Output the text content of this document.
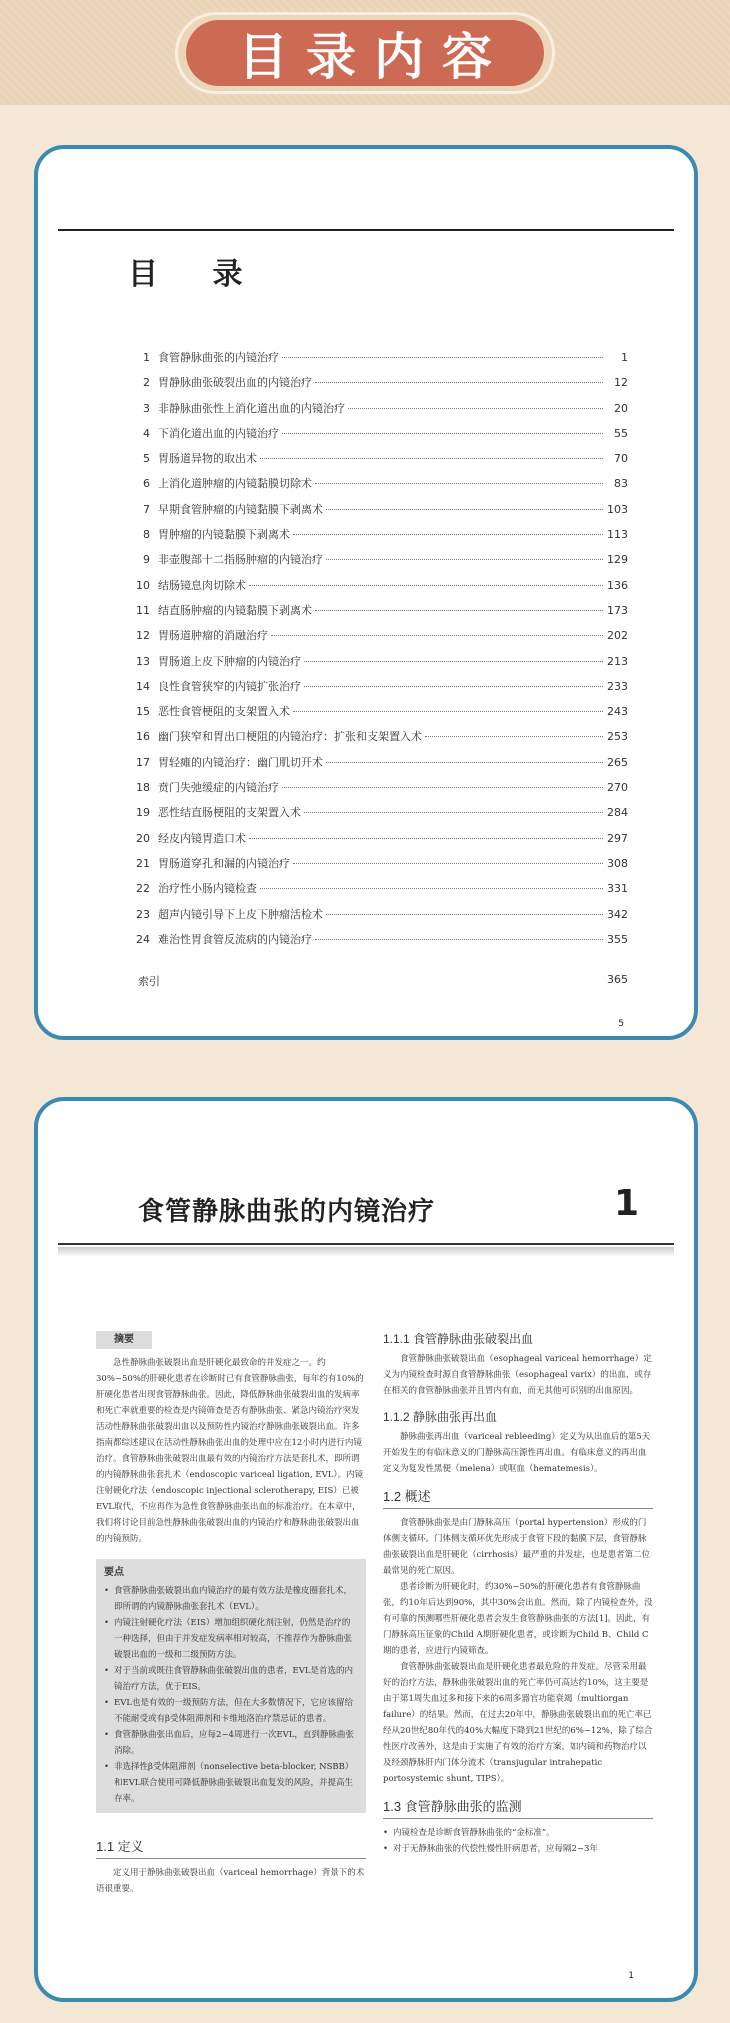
目录内容
目 录
1 食管静脉曲张的内镜治疗	1
2 胃静脉曲张破裂出血的内镜治疗	12
3 非静脉曲张性上消化道出血的内镜治疗	20
4 下消化道出血的内镜治疗	55
5 胃肠道异物的取出术	70
6 上消化道肿瘤的内镜黏膜切除术	83
7 早期食管肿瘤的内镜黏膜下剥离术	103
8 胃肿瘤的内镜黏膜下剥离术	113
9 非壶腹部十二指肠肿瘤的内镜治疗	129
10 结肠镜息肉切除术	136
11 结直肠肿瘤的内镜黏膜下剥离术	173
12 胃肠道肿瘤的消融治疗	202
13 胃肠道上皮下肿瘤的内镜治疗	213
14 良性食管狭窄的内镜扩张治疗	233
15 恶性食管梗阻的支架置入术	243
16 幽门狭窄和胃出口梗阻的内镜治疗：扩张和支架置入术	253
17 胃轻瘫的内镜治疗：幽门肌切开术	265
18 贲门失弛缓症的内镜治疗	270
19 恶性结直肠梗阻的支架置入术	284
20 经皮内镜胃造口术	297
21 胃肠道穿孔和漏的内镜治疗	308
22 治疗性小肠内镜检查	331
23 超声内镜引导下上皮下肿瘤活检术	342
24 难治性胃食管反流病的内镜治疗	355
索引	365
5
食管静脉曲张的内镜治疗	1
摘要

急性静脉曲张破裂出血是肝硬化最致命的并发症之一。约30%~50%的肝硬化患者在诊断时已有食管静脉曲张，每年约有10%的肝硬化患者出现食管静脉曲张。因此，降低静脉曲张破裂出血的发病率和死亡率就重要的检查是内镜筛查是否有静脉曲张、紧急内镜治疗突发活动性静脉曲张破裂出血以及预防性内镜治疗静脉曲张破裂出血。许多指南都综述建议在活动性静脉曲张出血的处理中应在12小时内进行内镜治疗。食管静脉曲张破裂出血最有效的内镜治疗方法是套扎术，即所谓的内镜静脉曲张套扎术（endoscopic variceal ligation, EVL）。内镜注射硬化疗法（endoscopic injectional sclerotherapy, EIS）已被EVL取代，不应再作为急性食管静脉曲张出血的标准治疗。在本章中，我们将讨论目前急性静脉曲张破裂出血的内镜治疗和静脉曲张破裂出血的内镜预防。

要点
• 食管静脉曲张破裂出血内镜治疗的最有效方法是橡皮圈套扎术，即所谓的内镜静脉曲张套扎术（EVL）。
• 内镜注射硬化疗法（EIS）增加组织硬化剂注射，仍然是治疗的一种选择，但由于并发症发病率相对较高，不推荐作为静脉曲张破裂出血的一级和二级预防方法。
• 对于当前或既往食管静脉曲张破裂出血的患者，EVL是首选的内镜治疗方法，优于EIS。
• EVL也是有效的一级预防方法，但在大多数情况下，它应该留给不能耐受或有β受体阻滞剂和卡维地洛治疗禁忌证的患者。
• 食管静脉曲张出血后，应每2~4周进行一次EVL，直到静脉曲张消除。
• 非选择性β受体阻滞剂（nonselective beta-blocker, NSBB）和EVL联合使用可降低静脉曲张破裂出血复发的风险，并提高生存率。
1.1 定义

定义用于静脉曲张破裂出血（variceal hemorrhage）背景下的术语很重要。

1.1.1 食管静脉曲张破裂出血

食管静脉曲张破裂出血（esophageal variceal hemorrhage）定义为内镜检查时源自食管静脉曲张（esophageal varix）的出血，或存在相关的食管静脉曲张并且胃内有血，而无其他可识别的出血原因。

1.1.2 静脉曲张再出血

静脉曲张再出血（variceal rebleeding）定义为从出血后的第5天开始发生的有临床意义的门静脉高压源性再出血。有临床意义的再出血定义为复发性黑便（melena）或呕血（hematemesis）。

1.2 概述

食管静脉曲张是由门静脉高压（portal hypertension）形成的门体侧支循环。门体侧支循环优先形成于食管下段的黏膜下层，食管静脉曲张破裂出血是肝硬化（cirrhosis）最严重的并发症，也是患者第二位最常见的死亡原因。

患者诊断为肝硬化时，约30%~50%的肝硬化患者有食管静脉曲张，约10年后达到90%，其中30%会出血。然而，除了内镜检查外，没有可靠的预测哪些肝硬化患者会发生食管静脉曲张的方法[1]。因此，有门静脉高压征象的Child A期肝硬化患者，或诊断为Child B、Child C期的患者，应进行内镜筛查。

食管静脉曲张破裂出血是肝硬化患者最危险的并发症。尽管采用最好的治疗方法，静脉曲张破裂出血的死亡率仍可高达约10%，这主要是由于第1周失血过多和接下来的6周多器官功能衰竭（multiorgan failure）的结果。然而，在过去20年中，静脉曲张破裂出血的死亡率已经从20世纪80年代的40%大幅度下降到21世纪的6%~12%，除了综合性医疗改善外，这是由于实施了有效的治疗方案，如内镜和药物治疗以及经颈静脉肝内门体分流术（transjugular intrahepatic portosystemic shunt, TIPS）。

1.3 食管静脉曲张的监测
• 内镜检查是诊断食管静脉曲张的“金标准”。
• 对于无静脉曲张的代偿性慢性肝病患者，应每隔2~3年
1
